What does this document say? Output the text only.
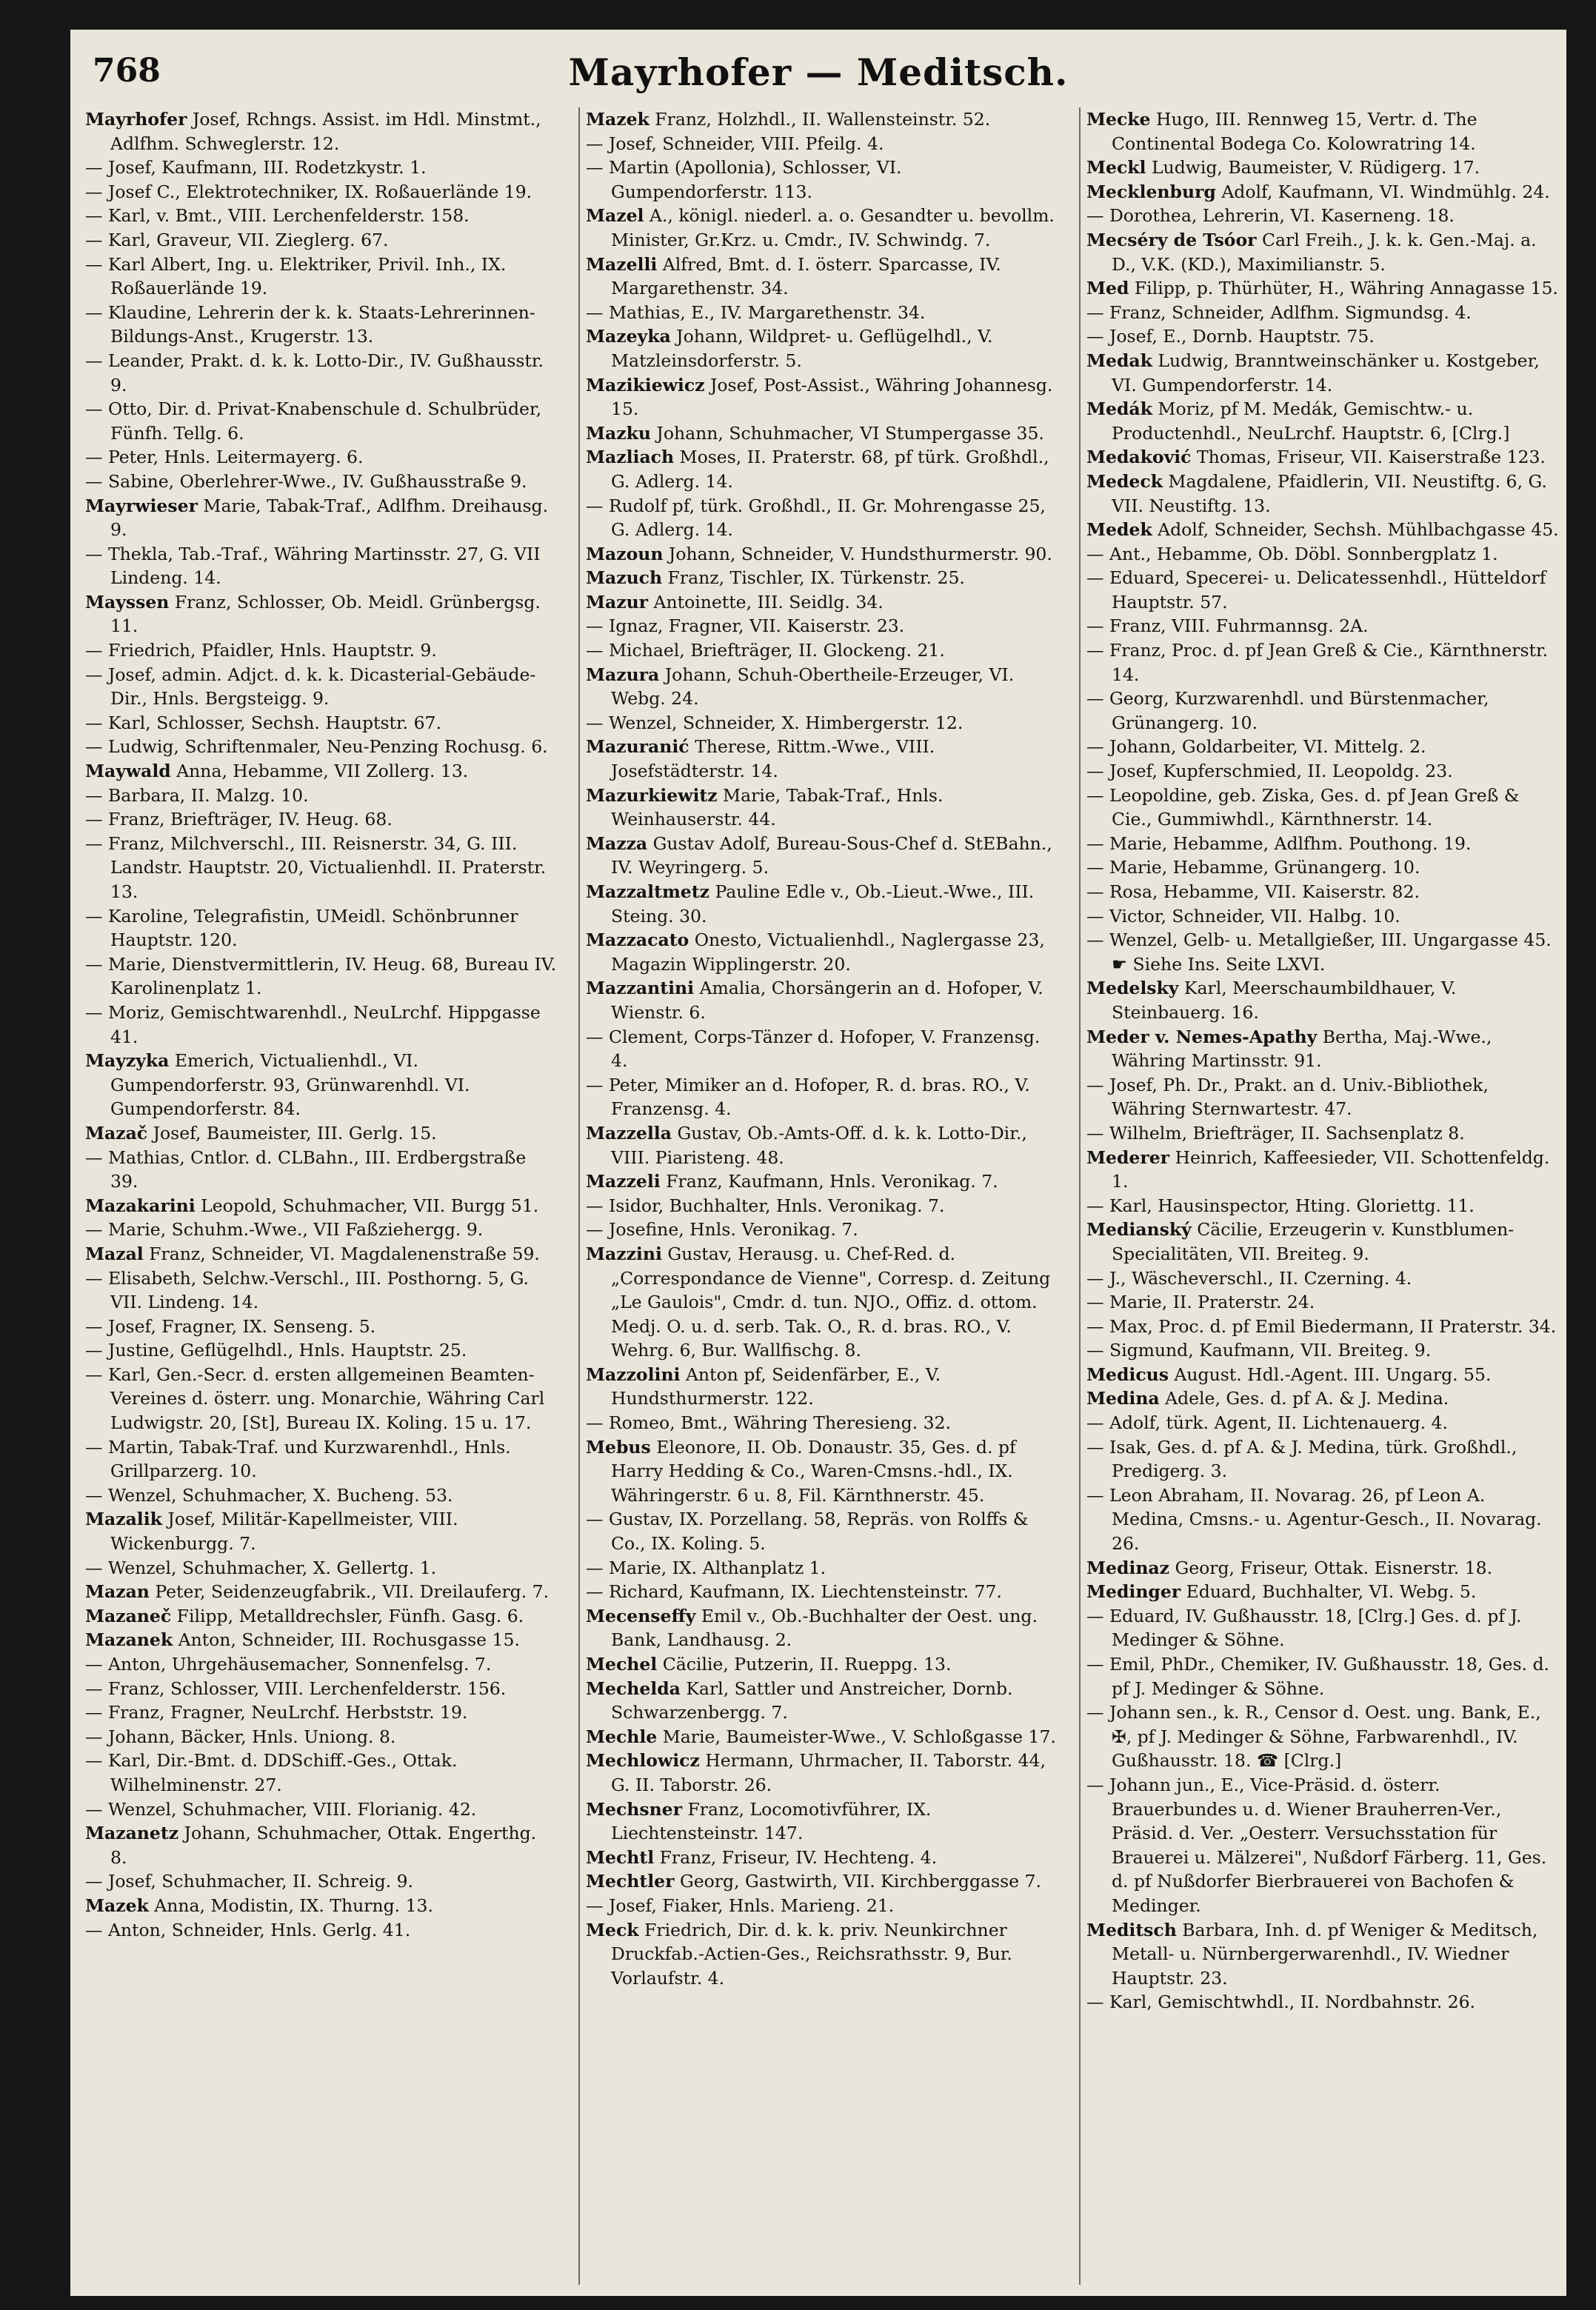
768	Mayrhofer — Meditsch.

Mayrhofer Josef, Rchngs. Assist. im Hdl. Minstmt., Adlfhm. Schweglerstr. 12.

— Josef, Kaufmann, III. Rodetzkystr. 1.

— Josef C., Elektrotechniker, IX. Roßauerlände 19.

— Karl, v. Bmt., VIII. Lerchenfelderstr. 158.

— Karl, Graveur, VII. Zieglerg. 67.

— Karl Albert, Ing. u. Elektriker, Privil. Inh., IX. Roßauerlände 19.

— Klaudine, Lehrerin der k. k. Staats-Lehrerinnen-Bildungs-Anst., Krugerstr. 13.

— Leander, Prakt. d. k. k. Lotto-Dir., IV. Gußhausstr. 9.

— Otto, Dir. d. Privat-Knabenschule d. Schulbrüder, Fünfh. Tellg. 6.

— Peter, Hnls. Leitermayerg. 6.

— Sabine, Oberlehrer-Wwe., IV. Gußhausstraße 9.

Mayrwieser Marie, Tabak-Traf., Adlfhm. Dreihausg. 9.

— Thekla, Tab.-Traf., Währing Martinsstr. 27, G. VII Lindeng. 14.

Mayssen Franz, Schlosser, Ob. Meidl. Grünbergsg. 11.

— Friedrich, Pfaidler, Hnls. Hauptstr. 9.

— Josef, admin. Adjct. d. k. k. Dicasterial-Gebäude-Dir., Hnls. Bergsteigg. 9.

— Karl, Schlosser, Sechsh. Hauptstr. 67.

— Ludwig, Schriftenmaler, Neu-Penzing Rochusg. 6.

Maywald Anna, Hebamme, VII Zollerg. 13.

— Barbara, II. Malzg. 10.

— Franz, Briefträger, IV. Heug. 68.

— Franz, Milchverschl., III. Reisnerstr. 34, G. III. Landstr. Hauptstr. 20, Victualienhdl. II. Praterstr. 13.

— Karoline, Telegrafistin, UMeidl. Schönbrunner Hauptstr. 120.

— Marie, Dienstvermittlerin, IV. Heug. 68, Bureau IV. Karolinenplatz 1.

— Moriz, Gemischtwarenhdl., NeuLrchf. Hippgasse 41.

Mayzyka Emerich, Victualienhdl., VI. Gumpendorferstr. 93, Grünwarenhdl. VI. Gumpendorferstr. 84.

Mazač Josef, Baumeister, III. Gerlg. 15.

— Mathias, Cntlor. d. CLBahn., III. Erdbergstraße 39.

Mazakarini Leopold, Schuhmacher, VII. Burgg 51.

— Marie, Schuhm.-Wwe., VII Faßziehergg. 9.

Mazal Franz, Schneider, VI. Magdalenenstraße 59.

— Elisabeth, Selchw.-Verschl., III. Posthorng. 5, G. VII. Lindeng. 14.

— Josef, Fragner, IX. Senseng. 5.

— Justine, Geflügelhdl., Hnls. Hauptstr. 25.

— Karl, Gen.-Secr. d. ersten allgemeinen Beamten-Vereines d. österr. ung. Monarchie, Währing Carl Ludwigstr. 20, [St], Bureau IX. Koling. 15 u. 17.

— Martin, Tabak-Traf. und Kurzwarenhdl., Hnls. Grillparzerg. 10.

— Wenzel, Schuhmacher, X. Bucheng. 53.

Mazalik Josef, Militär-Kapellmeister, VIII. Wickenburgg. 7.

— Wenzel, Schuhmacher, X. Gellertg. 1.

Mazan Peter, Seidenzeugfabrik., VII. Dreilauferg. 7.

Mazaneč Filipp, Metalldrechsler, Fünfh. Gasg. 6.

Mazanek Anton, Schneider, III. Rochusgasse 15.

— Anton, Uhrgehäusemacher, Sonnenfelsg. 7.

— Franz, Schlosser, VIII. Lerchenfelderstr. 156.

— Franz, Fragner, NeuLrchf. Herbststr. 19.

— Johann, Bäcker, Hnls. Uniong. 8.

— Karl, Dir.-Bmt. d. DDSchiff.-Ges., Ottak. Wilhelminenstr. 27.

— Wenzel, Schuhmacher, VIII. Florianig. 42.

Mazanetz Johann, Schuhmacher, Ottak. Engerthg. 8.

— Josef, Schuhmacher, II. Schreig. 9.

Mazek Anna, Modistin, IX. Thurng. 13.

— Anton, Schneider, Hnls. Gerlg. 41.

Mazek Franz, Holzhdl., II. Wallensteinstr. 52.

— Josef, Schneider, VIII. Pfeilg. 4.

— Martin (Apollonia), Schlosser, VI. Gumpendorferstr. 113.

Mazel A., königl. niederl. a. o. Gesandter u. bevollm. Minister, Gr.Krz. u. Cmdr., IV. Schwindg. 7.

Mazelli Alfred, Bmt. d. I. österr. Sparcasse, IV. Margarethenstr. 34.

— Mathias, E., IV. Margarethenstr. 34.

Mazeyka Johann, Wildpret- u. Geflügelhdl., V. Matzleinsdorferstr. 5.

Mazikiewicz Josef, Post-Assist., Währing Johannesg. 15.

Mazku Johann, Schuhmacher, VI Stumpergasse 35.

Mazliach Moses, II. Praterstr. 68, pf türk. Großhdl., G. Adlerg. 14.

— Rudolf pf, türk. Großhdl., II. Gr. Mohrengasse 25, G. Adlerg. 14.

Mazoun Johann, Schneider, V. Hundsthurmerstr. 90.

Mazuch Franz, Tischler, IX. Türkenstr. 25.

Mazur Antoinette, III. Seidlg. 34.

— Ignaz, Fragner, VII. Kaiserstr. 23.

— Michael, Briefträger, II. Glockeng. 21.

Mazura Johann, Schuh-Obertheile-Erzeuger, VI. Webg. 24.

— Wenzel, Schneider, X. Himbergerstr. 12.

Mazuranić Therese, Rittm.-Wwe., VIII. Josefstädterstr. 14.

Mazurkiewitz Marie, Tabak-Traf., Hnls. Weinhauserstr. 44.

Mazza Gustav Adolf, Bureau-Sous-Chef d. StEBahn., IV. Weyringerg. 5.

Mazzaltmetz Pauline Edle v., Ob.-Lieut.-Wwe., III. Steing. 30.

Mazzacato Onesto, Victualienhdl., Naglergasse 23, Magazin Wipplingerstr. 20.

Mazzantini Amalia, Chorsängerin an d. Hofoper, V. Wienstr. 6.

— Clement, Corps-Tänzer d. Hofoper, V. Franzensg. 4.

— Peter, Mimiker an d. Hofoper, R. d. bras. RO., V. Franzensg. 4.

Mazzella Gustav, Ob.-Amts-Off. d. k. k. Lotto-Dir., VIII. Piaristeng. 48.

Mazzeli Franz, Kaufmann, Hnls. Veronikag. 7.

— Isidor, Buchhalter, Hnls. Veronikag. 7.

— Josefine, Hnls. Veronikag. 7.

Mazzini Gustav, Herausg. u. Chef-Red. d. „Correspondance de Vienne", Corresp. d. Zeitung „Le Gaulois", Cmdr. d. tun. NJO., Offiz. d. ottom. Medj. O. u. d. serb. Tak. O., R. d. bras. RO., V. Wehrg. 6, Bur. Wallfischg. 8.

Mazzolini Anton pf, Seidenfärber, E., V. Hundsthurmerstr. 122.

— Romeo, Bmt., Währing Theresieng. 32.

Mebus Eleonore, II. Ob. Donaustr. 35, Ges. d. pf Harry Hedding & Co., Waren-Cmsns.-hdl., IX. Währingerstr. 6 u. 8, Fil. Kärnthnerstr. 45.

— Gustav, IX. Porzellang. 58, Repräs. von Rolffs & Co., IX. Koling. 5.

— Marie, IX. Althanplatz 1.

— Richard, Kaufmann, IX. Liechtensteinstr. 77.

Mecenseffy Emil v., Ob.-Buchhalter der Oest. ung. Bank, Landhausg. 2.

Mechel Cäcilie, Putzerin, II. Rueppg. 13.

Mechelda Karl, Sattler und Anstreicher, Dornb. Schwarzenbergg. 7.

Mechle Marie, Baumeister-Wwe., V. Schloßgasse 17.

Mechlowicz Hermann, Uhrmacher, II. Taborstr. 44, G. II. Taborstr. 26.

Mechsner Franz, Locomotivführer, IX. Liechtensteinstr. 147.

Mechtl Franz, Friseur, IV. Hechteng. 4.

Mechtler Georg, Gastwirth, VII. Kirchberggasse 7.

— Josef, Fiaker, Hnls. Marieng. 21.

Meck Friedrich, Dir. d. k. k. priv. Neunkirchner Druckfab.-Actien-Ges., Reichsrathsstr. 9, Bur. Vorlaufstr. 4.

Mecke Hugo, III. Rennweg 15, Vertr. d. The Continental Bodega Co. Kolowratring 14.

Meckl Ludwig, Baumeister, V. Rüdigerg. 17.

Mecklenburg Adolf, Kaufmann, VI. Windmühlg. 24.

— Dorothea, Lehrerin, VI. Kaserneng. 18.

Mecséry de Tsóor Carl Freih., J. k. k. Gen.-Maj. a. D., V.K. (KD.), Maximilianstr. 5.

Med Filipp, p. Thürhüter, H., Währing Annagasse 15.

— Franz, Schneider, Adlfhm. Sigmundsg. 4.

— Josef, E., Dornb. Hauptstr. 75.

Medak Ludwig, Branntweinschänker u. Kostgeber, VI. Gumpendorferstr. 14.

Medák Moriz, pf M. Medák, Gemischtw.- u. Productenhdl., NeuLrchf. Hauptstr. 6, [Clrg.]

Medaković Thomas, Friseur, VII. Kaiserstraße 123.

Medeck Magdalene, Pfaidlerin, VII. Neustiftg. 6, G. VII. Neustiftg. 13.

Medek Adolf, Schneider, Sechsh. Mühlbachgasse 45.

— Ant., Hebamme, Ob. Döbl. Sonnbergplatz 1.

— Eduard, Specerei- u. Delicatessenhdl., Hütteldorf Hauptstr. 57.

— Franz, VIII. Fuhrmannsg. 2A.

— Franz, Proc. d. pf Jean Greß & Cie., Kärnthnerstr. 14.

— Georg, Kurzwarenhdl. und Bürstenmacher, Grünangerg. 10.

— Johann, Goldarbeiter, VI. Mittelg. 2.

— Josef, Kupferschmied, II. Leopoldg. 23.

— Leopoldine, geb. Ziska, Ges. d. pf Jean Greß & Cie., Gummiwhdl., Kärnthnerstr. 14.

— Marie, Hebamme, Adlfhm. Pouthong. 19.

— Marie, Hebamme, Grünangerg. 10.

— Rosa, Hebamme, VII. Kaiserstr. 82.

— Victor, Schneider, VII. Halbg. 10.

— Wenzel, Gelb- u. Metallgießer, III. Ungargasse 45. ☛ Siehe Ins. Seite LXVI.

Medelsky Karl, Meerschaumbildhauer, V. Steinbauerg. 16.

Meder v. Nemes-Apathy Bertha, Maj.-Wwe., Währing Martinsstr. 91.

— Josef, Ph. Dr., Prakt. an d. Univ.-Bibliothek, Währing Sternwartestr. 47.

— Wilhelm, Briefträger, II. Sachsenplatz 8.

Mederer Heinrich, Kaffeesieder, VII. Schottenfeldg. 1.

— Karl, Hausinspector, Hting. Gloriettg. 11.

Medianský Cäcilie, Erzeugerin v. Kunstblumen-Specialitäten, VII. Breiteg. 9.

— J., Wäscheverschl., II. Czerning. 4.

— Marie, II. Praterstr. 24.

— Max, Proc. d. pf Emil Biedermann, II Praterstr. 34.

— Sigmund, Kaufmann, VII. Breiteg. 9.

Medicus August. Hdl.-Agent. III. Ungarg. 55.

Medina Adele, Ges. d. pf A. & J. Medina.

— Adolf, türk. Agent, II. Lichtenauerg. 4.

— Isak, Ges. d. pf A. & J. Medina, türk. Großhdl., Predigerg. 3.

— Leon Abraham, II. Novarag. 26, pf Leon A. Medina, Cmsns.- u. Agentur-Gesch., II. Novarag. 26.

Medinaz Georg, Friseur, Ottak. Eisnerstr. 18.

Medinger Eduard, Buchhalter, VI. Webg. 5.

— Eduard, IV. Gußhausstr. 18, [Clrg.] Ges. d. pf J. Medinger & Söhne.

— Emil, PhDr., Chemiker, IV. Gußhausstr. 18, Ges. d. pf J. Medinger & Söhne.

— Johann sen., k. R., Censor d. Oest. ung. Bank, E., ✠, pf J. Medinger & Söhne, Farbwarenhdl., IV. Gußhausstr. 18. ☎ [Clrg.]

— Johann jun., E., Vice-Präsid. d. österr. Brauerbundes u. d. Wiener Brauherren-Ver., Präsid. d. Ver. „Oesterr. Versuchsstation für Brauerei u. Mälzerei", Nußdorf Färberg. 11, Ges. d. pf Nußdorfer Bierbrauerei von Bachofen & Medinger.

Meditsch Barbara, Inh. d. pf Weniger & Meditsch, Metall- u. Nürnbergerwarenhdl., IV. Wiedner Hauptstr. 23.

— Karl, Gemischtwhdl., II. Nordbahnstr. 26.
